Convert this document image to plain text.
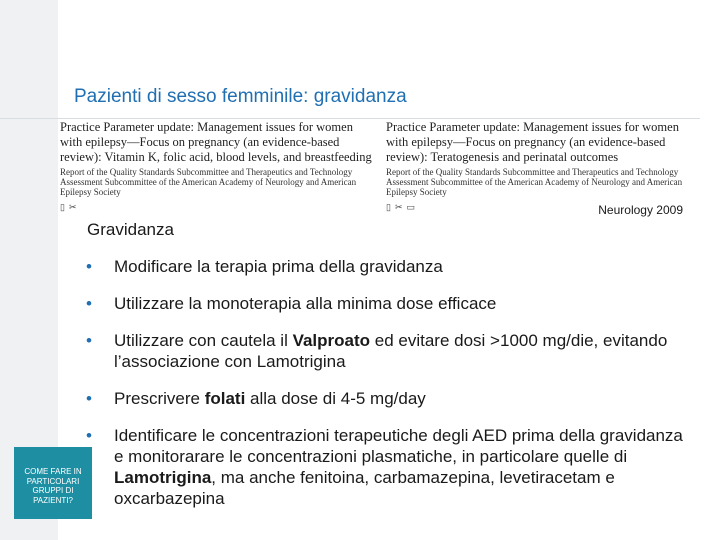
Pazienti di sesso femminile: gravidanza
Practice Parameter update: Management issues for women with epilepsy—Focus on pregnancy (an evidence-based review): Vitamin K, folic acid, blood levels, and breastfeeding
Report of the Quality Standards Subcommittee and Therapeutics and Technology Assessment Subcommittee of the American Academy of Neurology and American Epilepsy Society
▯ ✂
Practice Parameter update: Management issues for women with epilepsy—Focus on pregnancy (an evidence-based review): Teratogenesis and perinatal outcomes
Report of the Quality Standards Subcommittee and Therapeutics and Technology Assessment Subcommittee of the American Academy of Neurology and American Epilepsy Society
▯ ✂ ▭	Neurology 2009
Gravidanza
• Modificare la terapia prima della gravidanza
• Utilizzare la monoterapia alla minima dose efficace
• Utilizzare con cautela il Valproato ed evitare dosi >1000 mg/die, evitando l’associazione con Lamotrigina
• Prescrivere folati alla dose di 4-5 mg/day
• Identificare le concentrazioni terapeutiche degli AED prima della gravidanza e monitorarare le concentrazioni plasmatiche, in particolare quelle di Lamotrigina, ma anche fenitoina, carbamazepina, levetiracetam e oxcarbazepina
COME FARE IN PARTICOLARI GRUPPI DI PAZIENTI?
